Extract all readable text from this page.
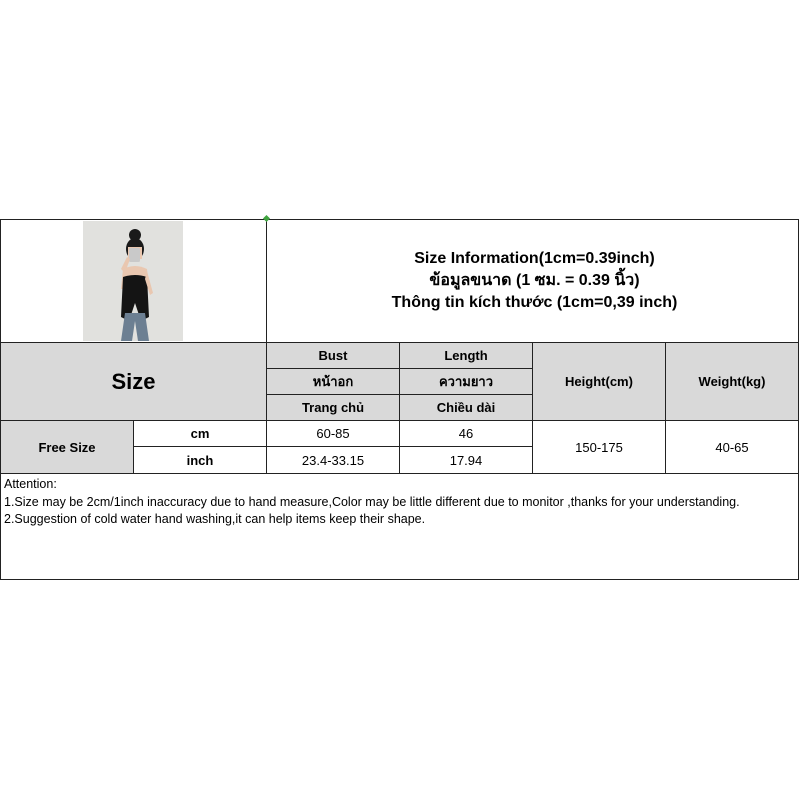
Size Information(1cm=0.39inch)
ข้อมูลขนาด (1 ซม. = 0.39 นิ้ว)
Thông tin kích thước (1cm=0,39 inch)
Size
Bust
หน้าอก
Trang chủ
Length
ความยาว
Chiều dài
Height(cm)	Weight(kg)
Free Size
cm
inch
60-85
23.4-33.15
46
17.94
150-175	40-65
Attention:
1.Size may be 2cm/1inch inaccuracy due to hand measure,Color may be little different due to monitor ,thanks for your understanding.
2.Suggestion of cold water hand washing,it can help items keep their shape.
